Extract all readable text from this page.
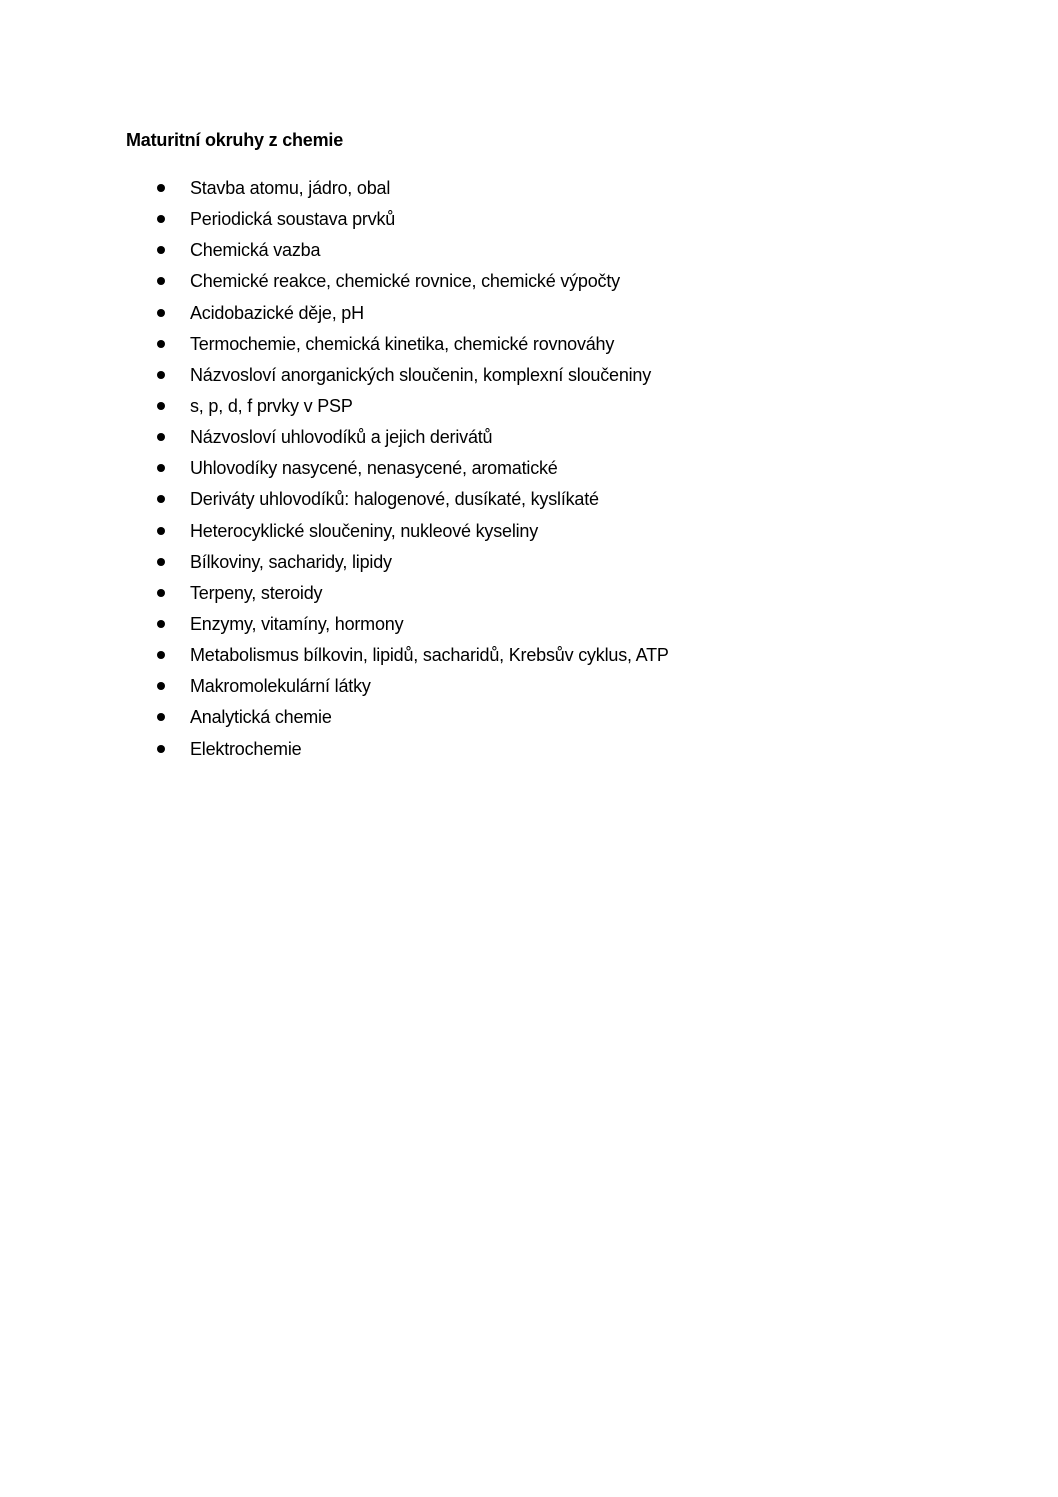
Maturitní okruhy z chemie
Stavba atomu, jádro, obal
Periodická soustava prvků
Chemická vazba
Chemické reakce, chemické rovnice, chemické výpočty
Acidobazické děje, pH
Termochemie, chemická kinetika, chemické rovnováhy
Názvosloví anorganických sloučenin, komplexní sloučeniny
s, p, d, f prvky v PSP
Názvosloví uhlovodíků a jejich derivátů
Uhlovodíky nasycené, nenasycené, aromatické
Deriváty uhlovodíků: halogenové, dusíkaté, kyslíkaté
Heterocyklické sloučeniny, nukleové kyseliny
Bílkoviny, sacharidy, lipidy
Terpeny, steroidy
Enzymy, vitamíny, hormony
Metabolismus bílkovin, lipidů, sacharidů, Krebsův cyklus, ATP
Makromolekulární látky
Analytická chemie
Elektrochemie
